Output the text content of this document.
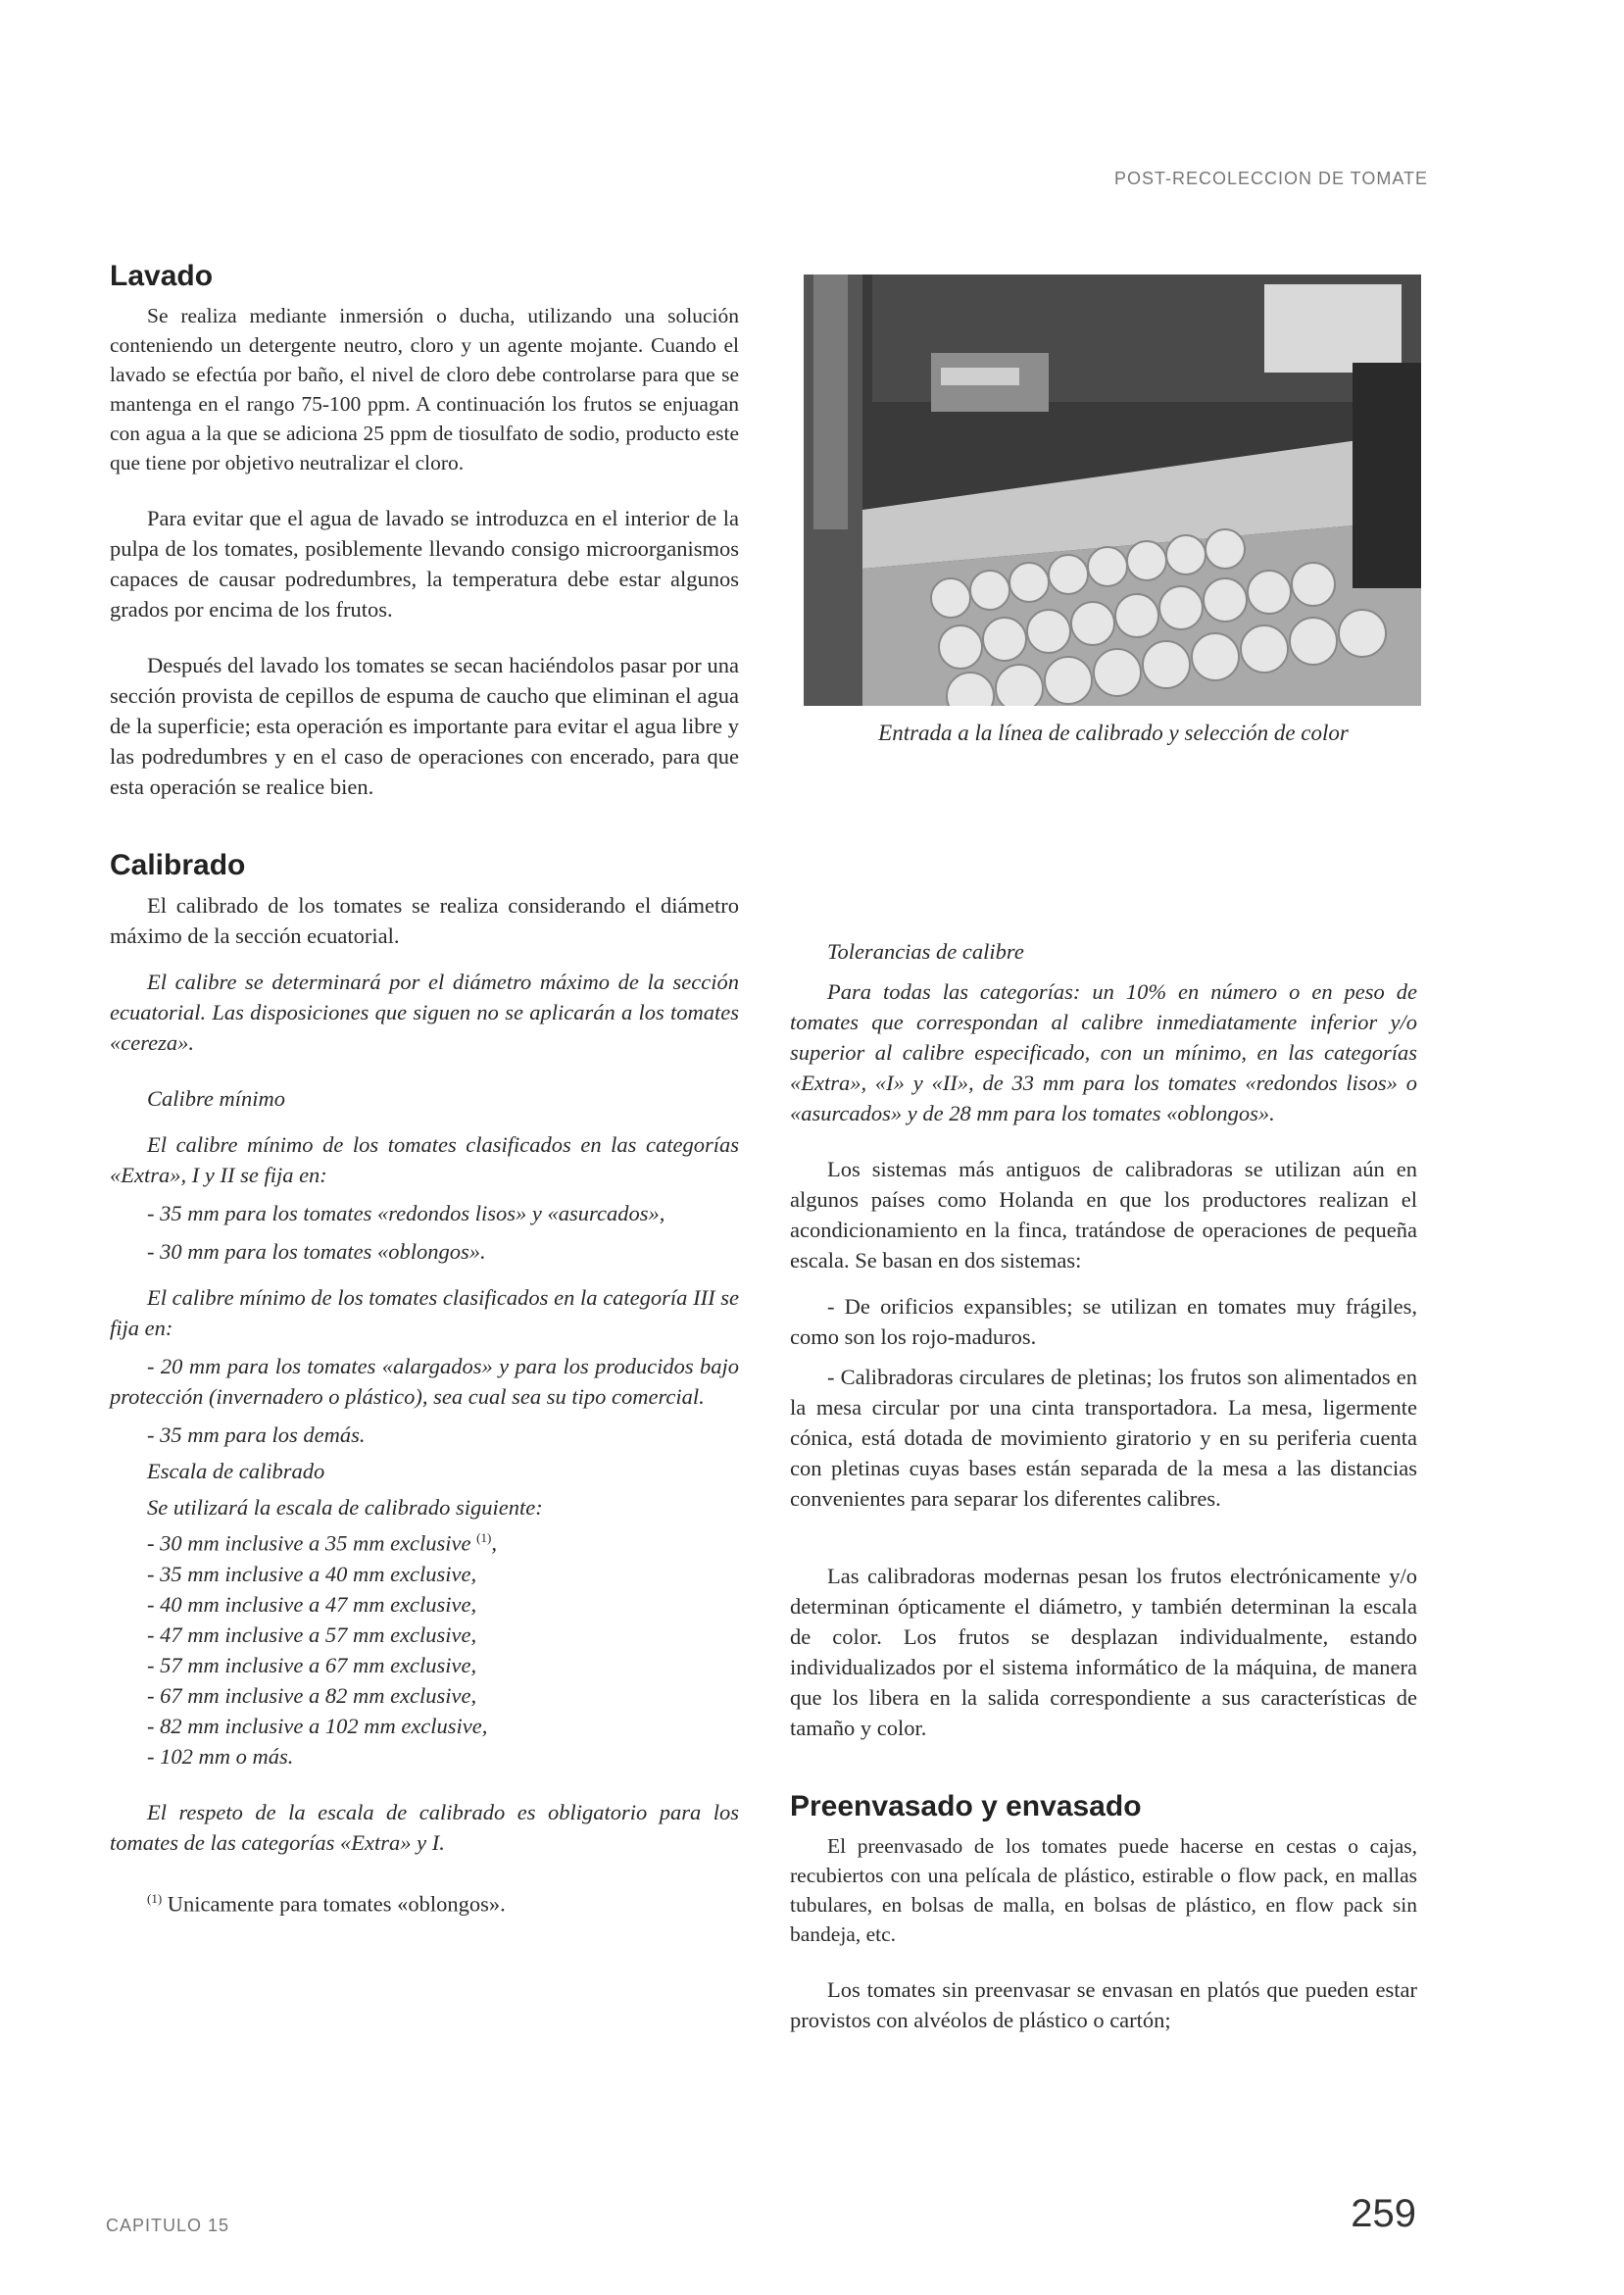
POST-RECOLECCION DE TOMATE
Lavado

Se realiza mediante inmersión o ducha, utilizando una solución conteniendo un detergente neutro, cloro y un agente mojante. Cuando el lavado se efectúa por baño, el nivel de cloro debe controlarse para que se mantenga en el rango 75-100 ppm. A continuación los frutos se enjuagan con agua a la que se adiciona 25 ppm de tiosulfato de sodio, producto este que tiene por objetivo neutralizar el cloro.

Para evitar que el agua de lavado se introduzca en el interior de la pulpa de los tomates, posiblemente llevando consigo microorganismos capaces de causar podredumbres, la temperatura debe estar algunos grados por encima de los frutos.

Después del lavado los tomates se secan haciéndolos pasar por una sección provista de cepillos de espuma de caucho que eliminan el agua de la superficie; esta operación es importante para evitar el agua libre y las podredumbres y en el caso de operaciones con encerado, para que esta operación se realice bien.

Calibrado

El calibrado de los tomates se realiza considerando el diámetro máximo de la sección ecuatorial.

El calibre se determinará por el diámetro máximo de la sección ecuatorial. Las disposiciones que siguen no se aplicarán a los tomates «cereza».

Calibre mínimo

El calibre mínimo de los tomates clasificados en las categorías «Extra», I y II se fija en:

- 35 mm para los tomates «redondos lisos» y «asurcados»,

- 30 mm para los tomates «oblongos».

El calibre mínimo de los tomates clasificados en la categoría III se fija en:

- 20 mm para los tomates «alargados» y para los producidos bajo protección (invernadero o plástico), sea cual sea su tipo comercial.

- 35 mm para los demás.

Escala de calibrado

Se utilizará la escala de calibrado siguiente:

- 30 mm inclusive a 35 mm exclusive $^{(1)}$,

- 35 mm inclusive a 40 mm exclusive,

- 40 mm inclusive a 47 mm exclusive,

- 47 mm inclusive a 57 mm exclusive,

- 57 mm inclusive a 67 mm exclusive,

- 67 mm inclusive a 82 mm exclusive,

- 82 mm inclusive a 102 mm exclusive,

- 102 mm o más.

El respeto de la escala de calibrado es obligatorio para los tomates de las categorías «Extra» y I.

$^{(1)}$ Unicamente para tomates «oblongos».

Entrada a la línea de calibrado y selección de color

Tolerancias de calibre

Para todas las categorías: un 10% en número o en peso de tomates que correspondan al calibre inmediatamente inferior y/o superior al calibre especificado, con un mínimo, en las categorías «Extra», «I» y «II», de 33 mm para los tomates «redondos lisos» o «asurcados» y de 28 mm para los tomates «oblongos».

Los sistemas más antiguos de calibradoras se utilizan aún en algunos países como Holanda en que los productores realizan el acondicionamiento en la finca, tratándose de operaciones de pequeña escala. Se basan en dos sistemas:

- De orificios expansibles; se utilizan en tomates muy frágiles, como son los rojo-maduros.

- Calibradoras circulares de pletinas; los frutos son alimentados en la mesa circular por una cinta transportadora. La mesa, ligermente cónica, está dotada de movimiento giratorio y en su periferia cuenta con pletinas cuyas bases están separada de la mesa a las distancias convenientes para separar los diferentes calibres.

Las calibradoras modernas pesan los frutos electrónicamente y/o determinan ópticamente el diámetro, y también determinan la escala de color. Los frutos se desplazan individualmente, estando individualizados por el sistema informático de la máquina, de manera que los libera en la salida correspondiente a sus características de tamaño y color.

Preenvasado y envasado

El preenvasado de los tomates puede hacerse en cestas o cajas, recubiertos con una pelícala de plástico, estirable o flow pack, en mallas tubulares, en bolsas de malla, en bolsas de plástico, en flow pack sin bandeja, etc.

Los tomates sin preenvasar se envasan en platós que pueden estar provistos con alvéolos de plástico o cartón;

CAPITULO 15	259
